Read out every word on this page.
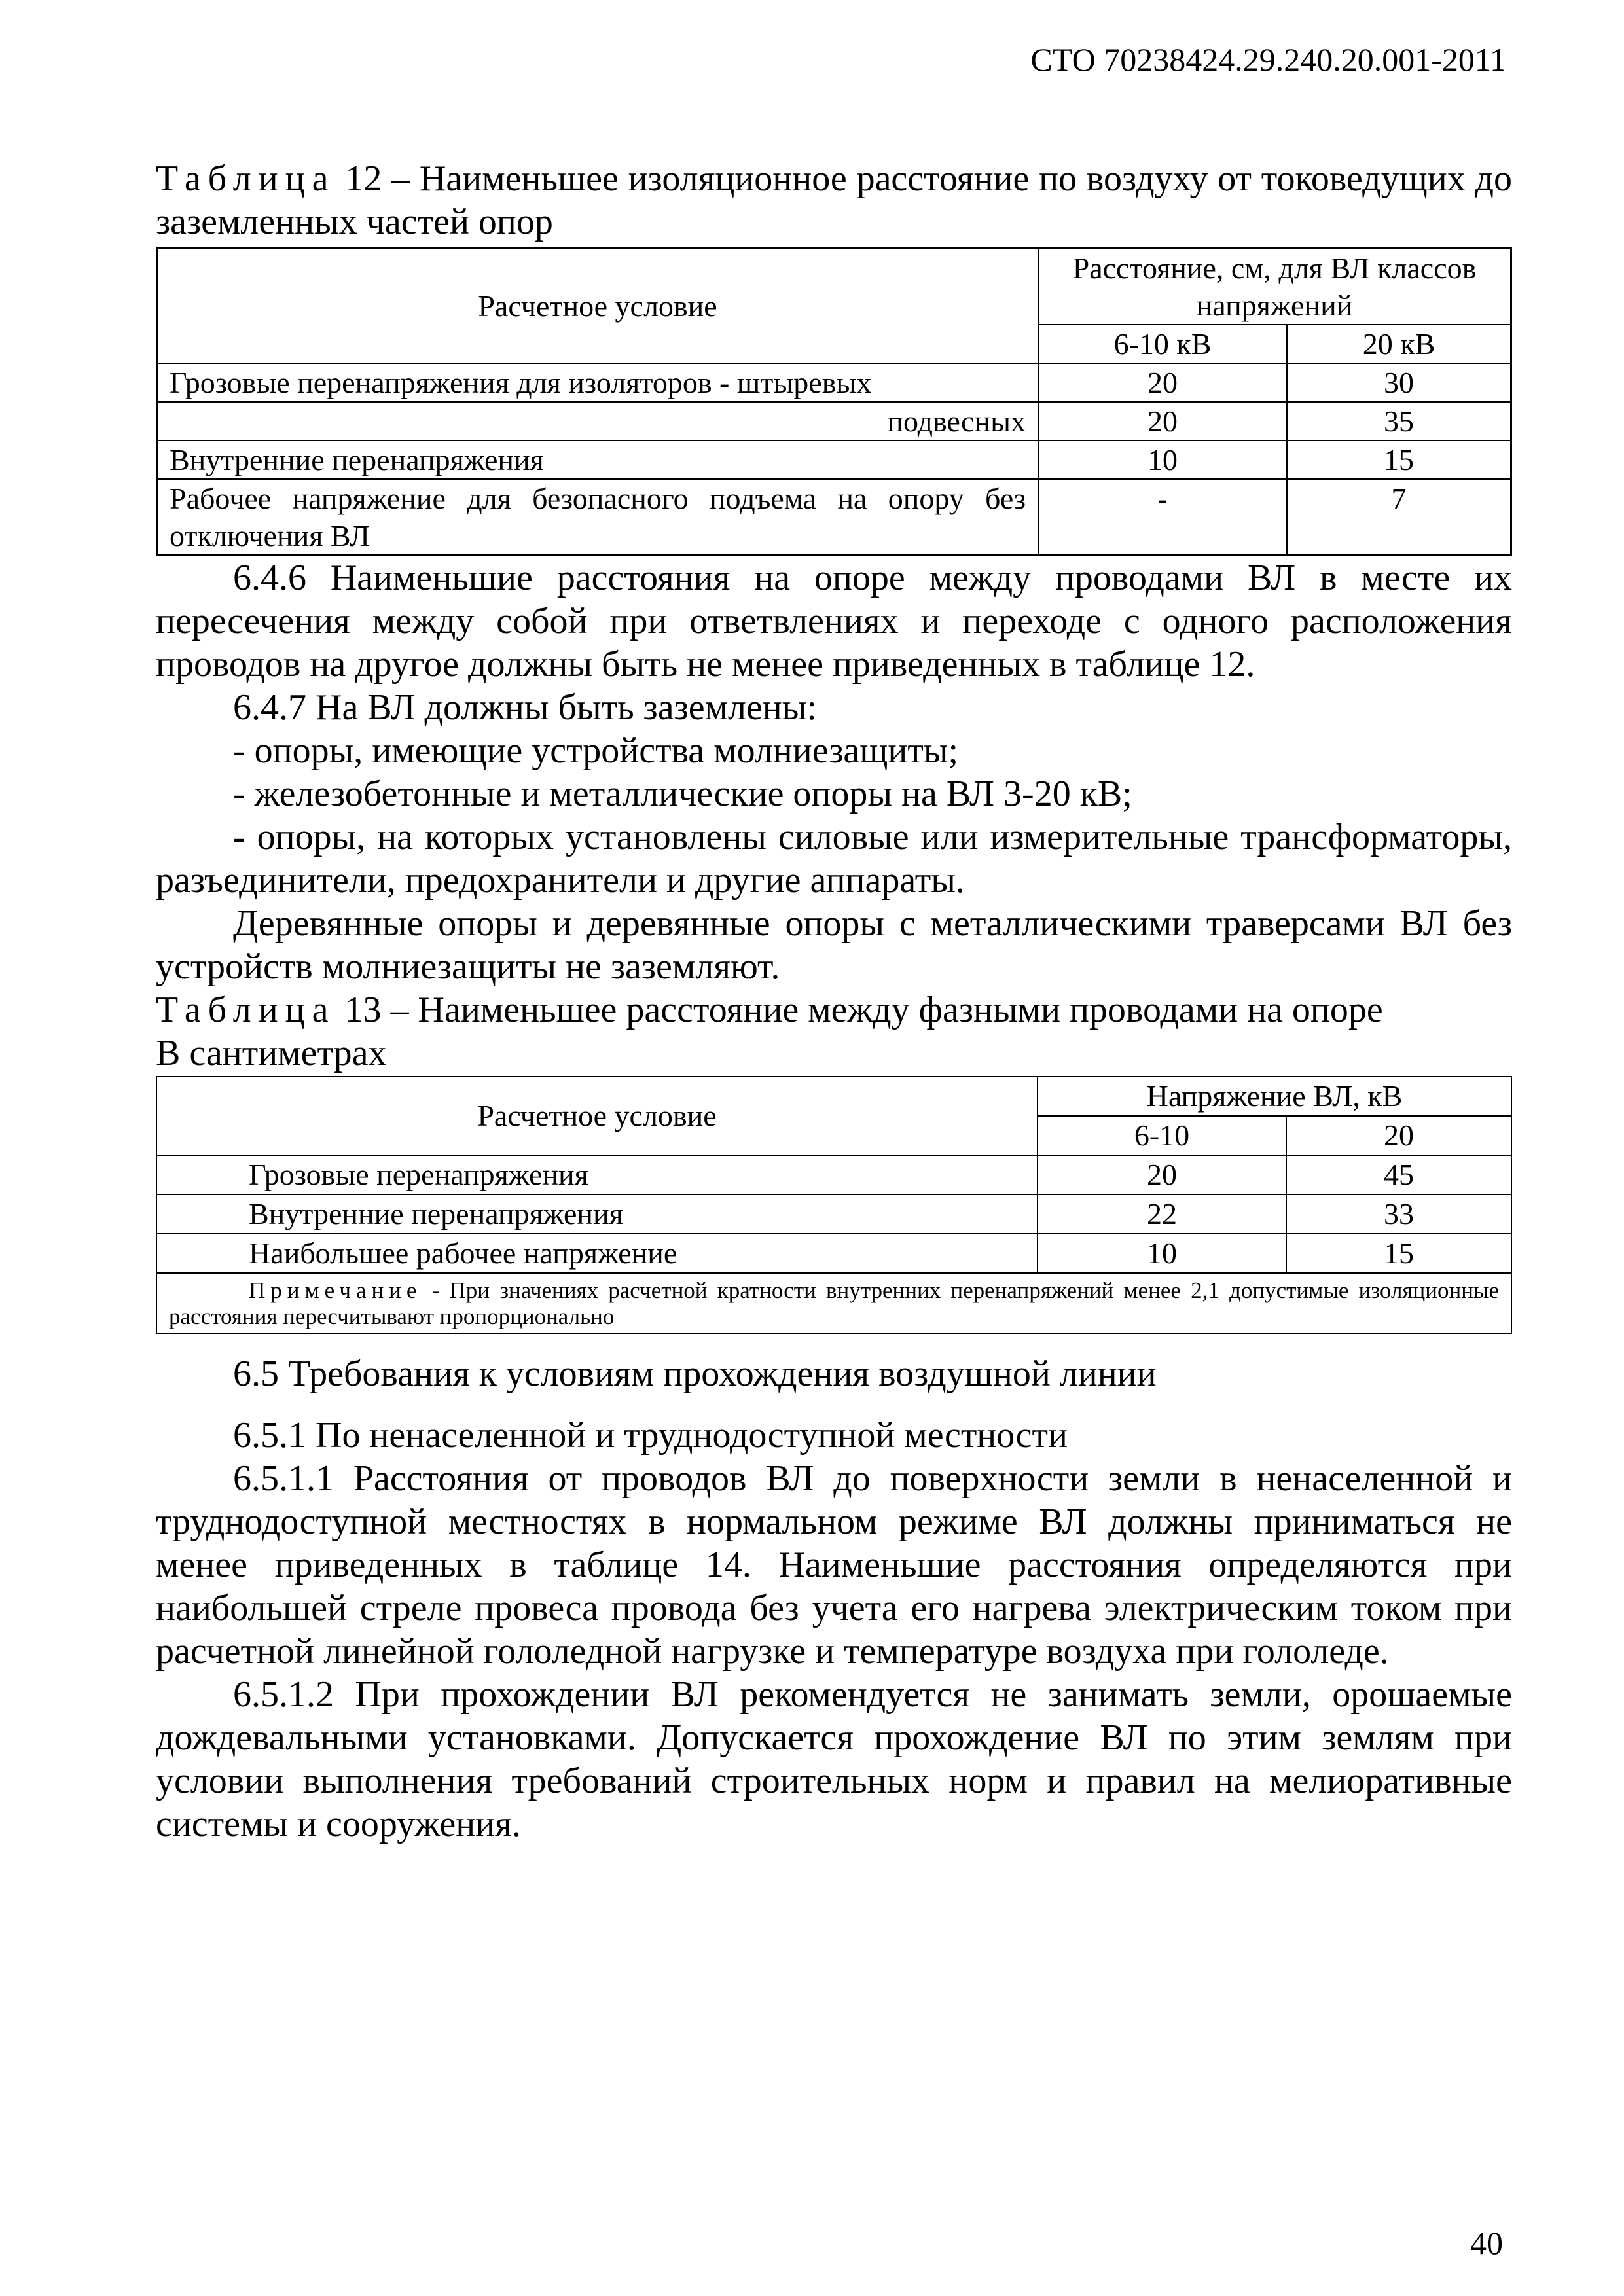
СТО 70238424.29.240.20.001-2011

Таблица 12 – Наименьшее изоляционное расстояние по воздуху от токоведущих до заземленных частей опор

Расчетное условие	Расстояние, см, для ВЛ классов напряжений	
	6-10 кВ	20 кВ
Грозовые перенапряжения для изоляторов - штыревых	20	30
подвесных	20	35
Внутренние перенапряжения	10	15
Рабочее напряжение для безопасного подъема на опору без отключения ВЛ	-	7

6.4.6 Наименьшие расстояния на опоре между проводами ВЛ в месте их пересечения между собой при ответвлениях и переходе с одного расположения проводов на другое должны быть не менее приведенных в таблице 12.

6.4.7 На ВЛ должны быть заземлены:

- опоры, имеющие устройства молниезащиты;

- железобетонные и металлические опоры на ВЛ 3-20 кВ;

- опоры, на которых установлены силовые или измерительные трансформаторы, разъединители, предохранители и другие аппараты.

Деревянные опоры и деревянные опоры с металлическими траверсами ВЛ без устройств молниезащиты не заземляют.

Таблица 13 – Наименьшее расстояние между фазными проводами на опоре

В сантиметрах

Расчетное условие	Напряжение ВЛ, кВ	
	6-10	20
Грозовые перенапряжения	20	45
Внутренние перенапряжения	22	33
Наибольшее рабочее напряжение	10	15
Примечание - При значениях расчетной кратности внутренних перенапряжений менее 2,1 допустимые изоляционные расстояния пересчитывают пропорционально		

6.5 Требования к условиям прохождения воздушной линии

6.5.1 По ненаселенной и труднодоступной местности

6.5.1.1 Расстояния от проводов ВЛ до поверхности земли в ненаселенной и труднодоступной местностях в нормальном режиме ВЛ должны приниматься не менее приведенных в таблице 14. Наименьшие расстояния определяются при наибольшей стреле провеса провода без учета его нагрева электрическим током при расчетной линейной гололедной нагрузке и температуре воздуха при гололеде.

6.5.1.2 При прохождении ВЛ рекомендуется не занимать земли, орошаемые дождевальными установками. Допускается прохождение ВЛ по этим землям при условии выполнения требований строительных норм и правил на мелиоративные системы и сооружения.

40
